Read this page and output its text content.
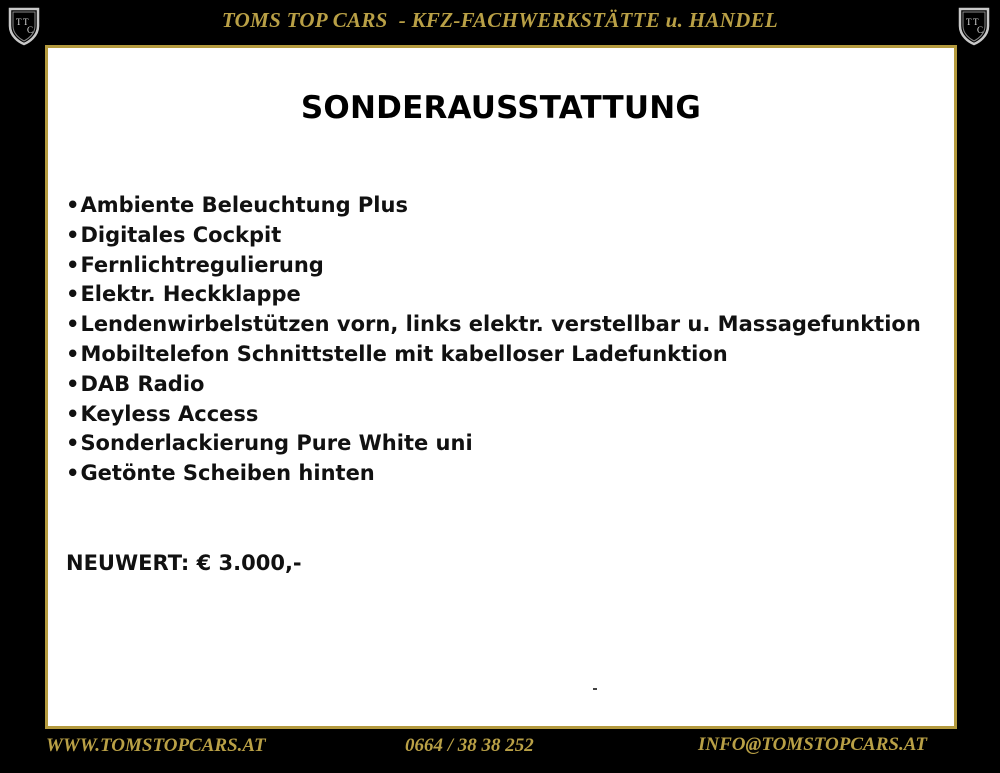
T T
C	TOMS TOP CARS  - KFZ-FACHWERKSTÄTTE u. HANDEL	T T
C
SONDERAUSSTATTUNG
•Ambiente Beleuchtung Plus
•Digitales Cockpit
•Fernlichtregulierung
•Elektr. Heckklappe
•Lendenwirbelstützen vorn, links elektr. verstellbar u. Massagefunktion
•Mobiltelefon Schnittstelle mit kabelloser Ladefunktion
•DAB Radio
•Keyless Access
•Sonderlackierung Pure White uni
•Getönte Scheiben hinten
NEUWERT: € 3.000,-
WWW.TOMSTOPCARS.AT	0664 / 38 38 252	INFO@TOMSTOPCARS.AT
